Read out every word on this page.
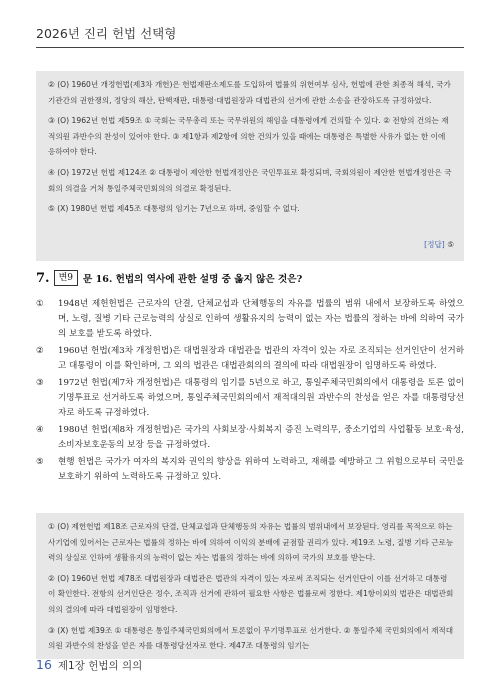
2026년 진리 헌법 선택형

② (O) 1960년 개정헌법(제3차 개헌)은 헌법재판소제도를 도입하여 법률의 위헌여부 심사, 헌법에 관한 최종적 해석, 국가기관간의 권한쟁의, 정당의 해산, 탄핵재판, 대통령·대법원장과 대법관의 선거에 관한 소송을 관장하도록 규정하였다.

③ (O) 1962년 헌법 제59조 ① 국회는 국무총리 또는 국무위원의 해임을 대통령에게 건의할 수 있다. ② 전항의 건의는 재적의원 과반수의 찬성이 있어야 한다. ③ 제1항과 제2항에 의한 건의가 있을 때에는 대통령은 특별한 사유가 없는 한 이에 응하여야 한다.

④ (O) 1972년 헌법 제124조 ② 대통령이 제안한 헌법개정안은 국민투표로 확정되며, 국회의원이 제안한 헌법개정안은 국회의 의결을 거쳐 통일주체국민회의의 의결로 확정된다.

⑤ (X) 1980년 헌법 제45조 대통령의 임기는 7년으로 하며, 중임할 수 없다.

[정답] ⑤
7.	변9	문 16. 헌법의 역사에 관한 설명 중 옳지 않은 것은?
①	1948년 제헌헌법은 근로자의 단결, 단체교섭과 단체행동의 자유를 법률의 범위 내에서 보장하도록 하였으며, 노령, 질병 기타 근로능력의 상실로 인하여 생활유지의 능력이 없는 자는 법률의 정하는 바에 의하여 국가의 보호를 받도록 하였다.
②	1960년 헌법(제3차 개정헌법)은 대법원장과 대법관을 법관의 자격이 있는 자로 조직되는 선거인단이 선거하고 대통령이 이를 확인하며, 그 외의 법관은 대법관회의의 결의에 따라 대법원장이 임명하도록 하였다.
③	1972년 헌법(제7차 개정헌법)은 대통령의 임기를 5년으로 하고, 통일주체국민회의에서 대통령을 토론 없이 기명투표로 선거하도록 하였으며, 통일주체국민회의에서 재적대의원 과반수의 찬성을 얻은 자를 대통령당선자로 하도록 규정하였다.
④	1980년 헌법(제8차 개정헌법)은 국가의 사회보장·사회복지 증진 노력의무, 중소기업의 사업활동 보호·육성, 소비자보호운동의 보장 등을 규정하였다.
⑤	현행 헌법은 국가가 여자의 복지와 권익의 향상을 위하여 노력하고, 재해를 예방하고 그 위험으로부터 국민을 보호하기 위하여 노력하도록 규정하고 있다.

① (O) 제헌헌법 제18조 근로자의 단결, 단체교섭과 단체행동의 자유는 법률의 범위내에서 보장된다. 영리를 목적으로 하는 사기업에 있어서는 근로자는 법률의 정하는 바에 의하여 이익의 분배에 균점할 권리가 있다. 제19조 노령, 질병 기타 근로능력의 상실로 인하여 생활유지의 능력이 없는 자는 법률의 정하는 바에 의하여 국가의 보호를 받는다.

② (O) 1960년 헌법 제78조 대법원장과 대법관은 법관의 자격이 있는 자로써 조직되는 선거인단이 이를 선거하고 대통령이 확인한다. 전항의 선거인단은 정수, 조직과 선거에 관하여 필요한 사항은 법률로써 정한다. 제1항이외의 법관은 대법관회의의 결의에 따라 대법원장이 임명한다.

③ (X) 헌법 제39조 ① 대통령은 통일주체국민회의에서 토론없이 무기명투표로 선거한다. ② 통일주체 국민회의에서 재적대의원 과반수의 찬성을 얻은 자를 대통령당선자로 한다. 제47조 대통령의 임기는

16 제1장 헌법의 의의
